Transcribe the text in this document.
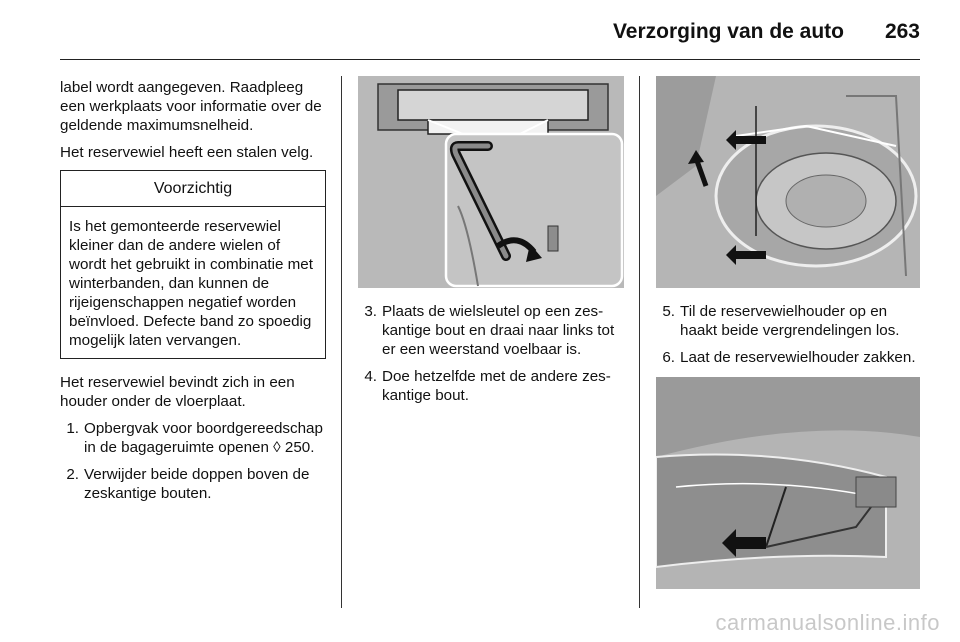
Verzorging van de auto 263

label wordt aangegeven. Raadpleeg een werkplaats voor informatie over de geldende maximumsnelheid.

Het reservewiel heeft een stalen velg.

Voorzichtig
Is het gemonteerde reservewiel kleiner dan de andere wielen of wordt het gebruikt in combinatie met winterbanden, dan kunnen de rijeigenschappen negatief worden beïnvloed. Defecte band zo spoedig mogelijk laten vervangen.

Het reservewiel bevindt zich in een houder onder de vloerplaat.

1. Opbergvak voor boordgereedschap in de bagageruimte openen ◊ 250.
2. Verwijder beide doppen boven de zeskantige bouten.
3. Plaats de wielsleutel op een zeskantige bout en draai naar links tot er een weerstand voelbaar is.
4. Doe hetzelfde met de andere zeskantige bout.
5. Til de reservewielhouder op en haakt beide vergrendelingen los.
6. Laat de reservewielhouder zakken.
carmanualsonline.info
